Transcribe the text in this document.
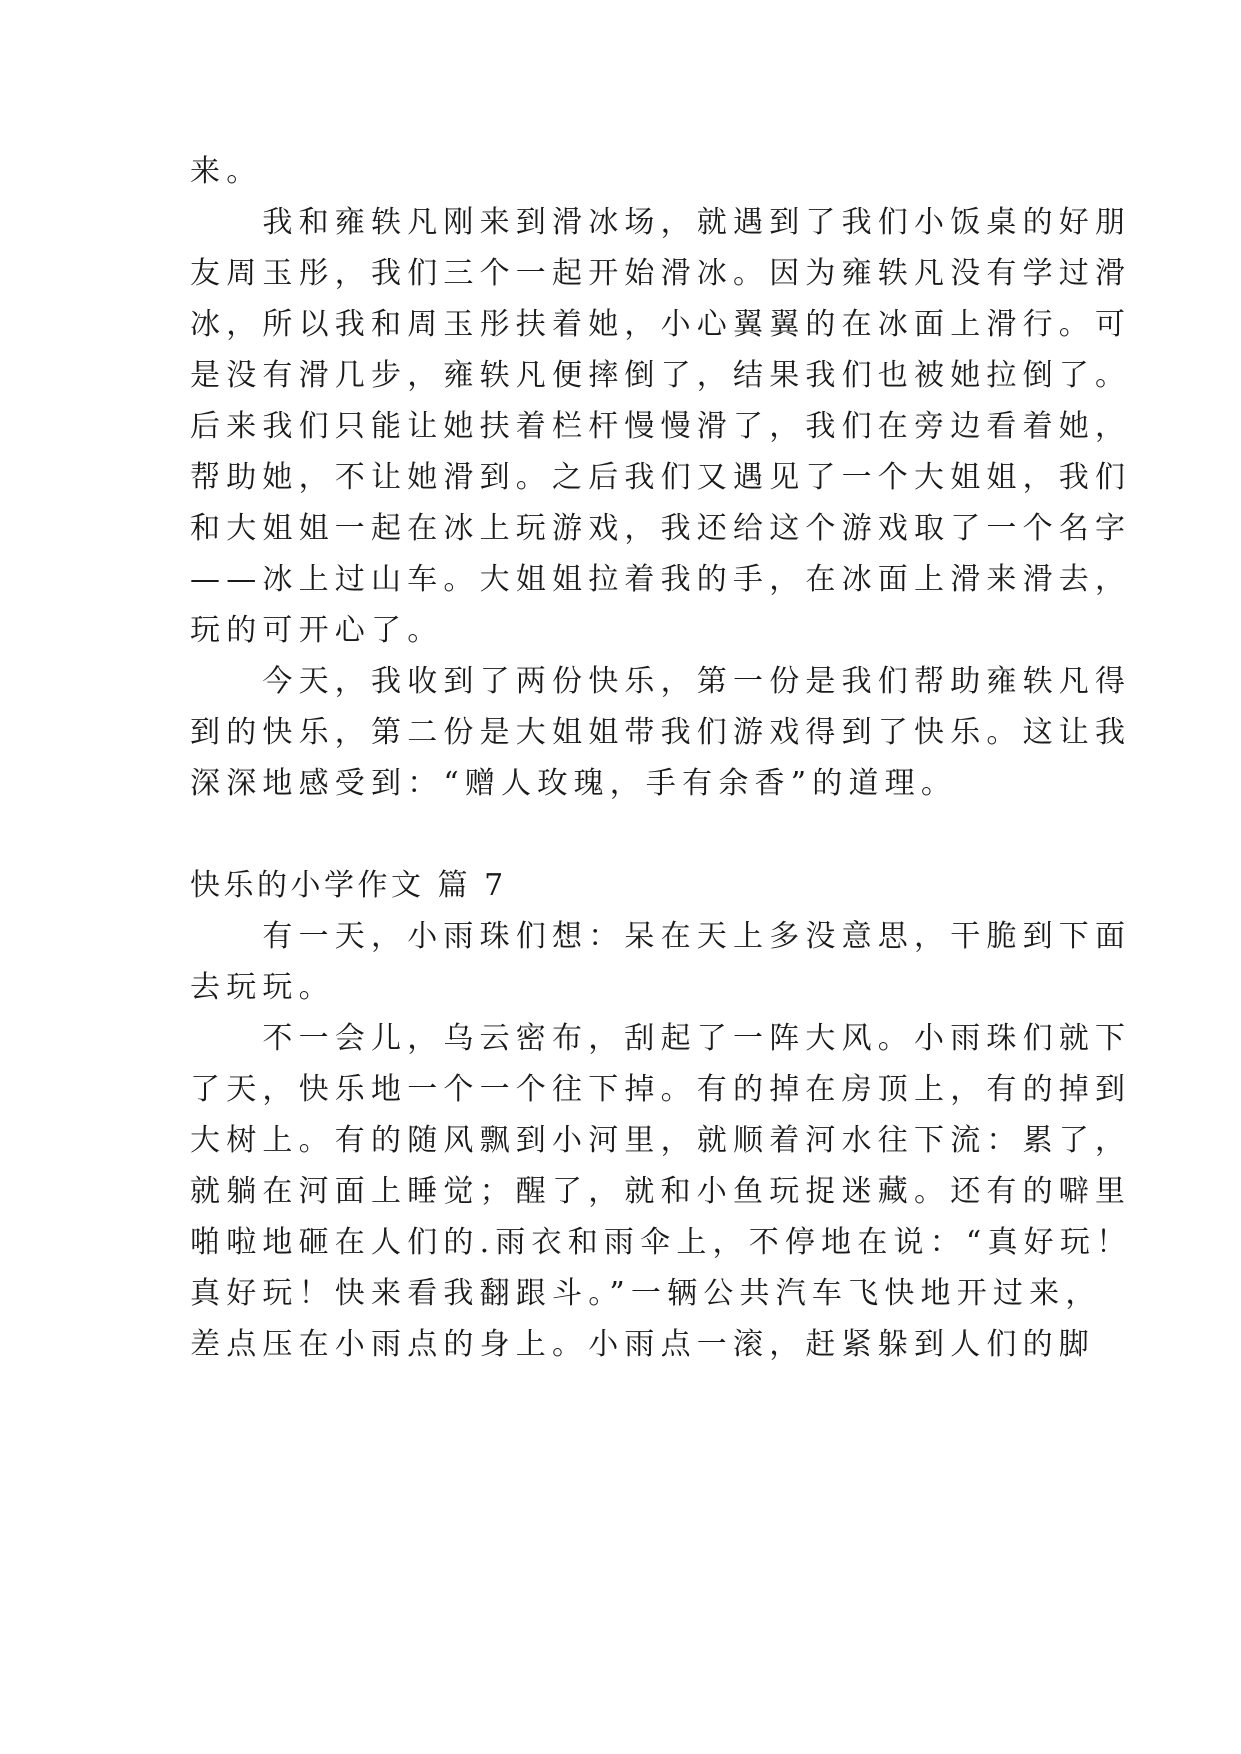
来。
　　我和雍轶凡刚来到滑冰场，就遇到了我们小饭桌的好朋
友周玉彤，我们三个一起开始滑冰。因为雍轶凡没有学过滑
冰，所以我和周玉彤扶着她，小心翼翼的在冰面上滑行。可
是没有滑几步，雍轶凡便摔倒了，结果我们也被她拉倒了。
后来我们只能让她扶着栏杆慢慢滑了，我们在旁边看着她，
帮助她，不让她滑到。之后我们又遇见了一个大姐姐，我们
和大姐姐一起在冰上玩游戏，我还给这个游戏取了一个名字
——冰上过山车。大姐姐拉着我的手，在冰面上滑来滑去，
玩的可开心了。
　　今天，我收到了两份快乐，第一份是我们帮助雍轶凡得
到的快乐，第二份是大姐姐带我们游戏得到了快乐。这让我
深深地感受到：“赠人玫瑰，手有余香”的道理。
快乐的小学作文 篇 7
　　有一天，小雨珠们想：呆在天上多没意思，干脆到下面
去玩玩。
　　不一会儿，乌云密布，刮起了一阵大风。小雨珠们就下
了天，快乐地一个一个往下掉。有的掉在房顶上，有的掉到
大树上。有的随风飘到小河里，就顺着河水往下流：累了，
就躺在河面上睡觉；醒了，就和小鱼玩捉迷藏。还有的噼里
啪啦地砸在人们的.雨衣和雨伞上，不停地在说：“真好玩！
真好玩！快来看我翻跟斗。”一辆公共汽车飞快地开过来，
差点压在小雨点的身上。小雨点一滚，赶紧躲到人们的脚
